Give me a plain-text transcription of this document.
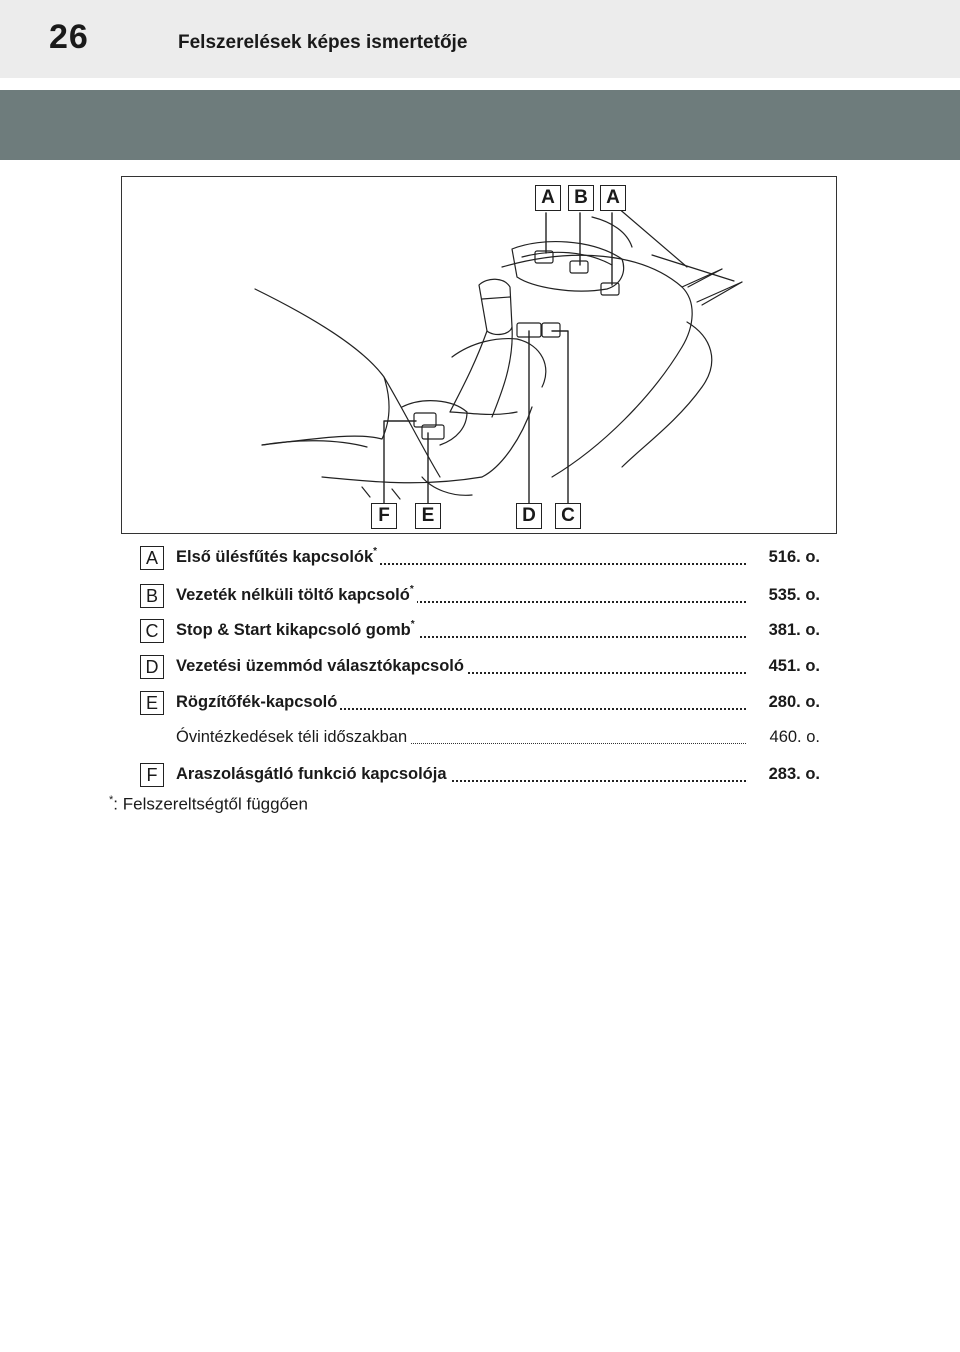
26	Felszerelések képes ismertetője
A	B A
F	E	D	C
A	Első ülésfűtés kapcsolók*	516. o.
B	Vezeték nélküli töltő kapcsoló*	535. o.
C	Stop & Start kikapcsoló gomb*	381. o.
D	Vezetési üzemmód választókapcsoló	451. o.
E	Rögzítőfék-kapcsoló	280. o.
Óvintézkedések téli időszakban	460. o.
F	Araszolásgátló funkció kapcsolója	283. o.
*: Felszereltségtől függően
